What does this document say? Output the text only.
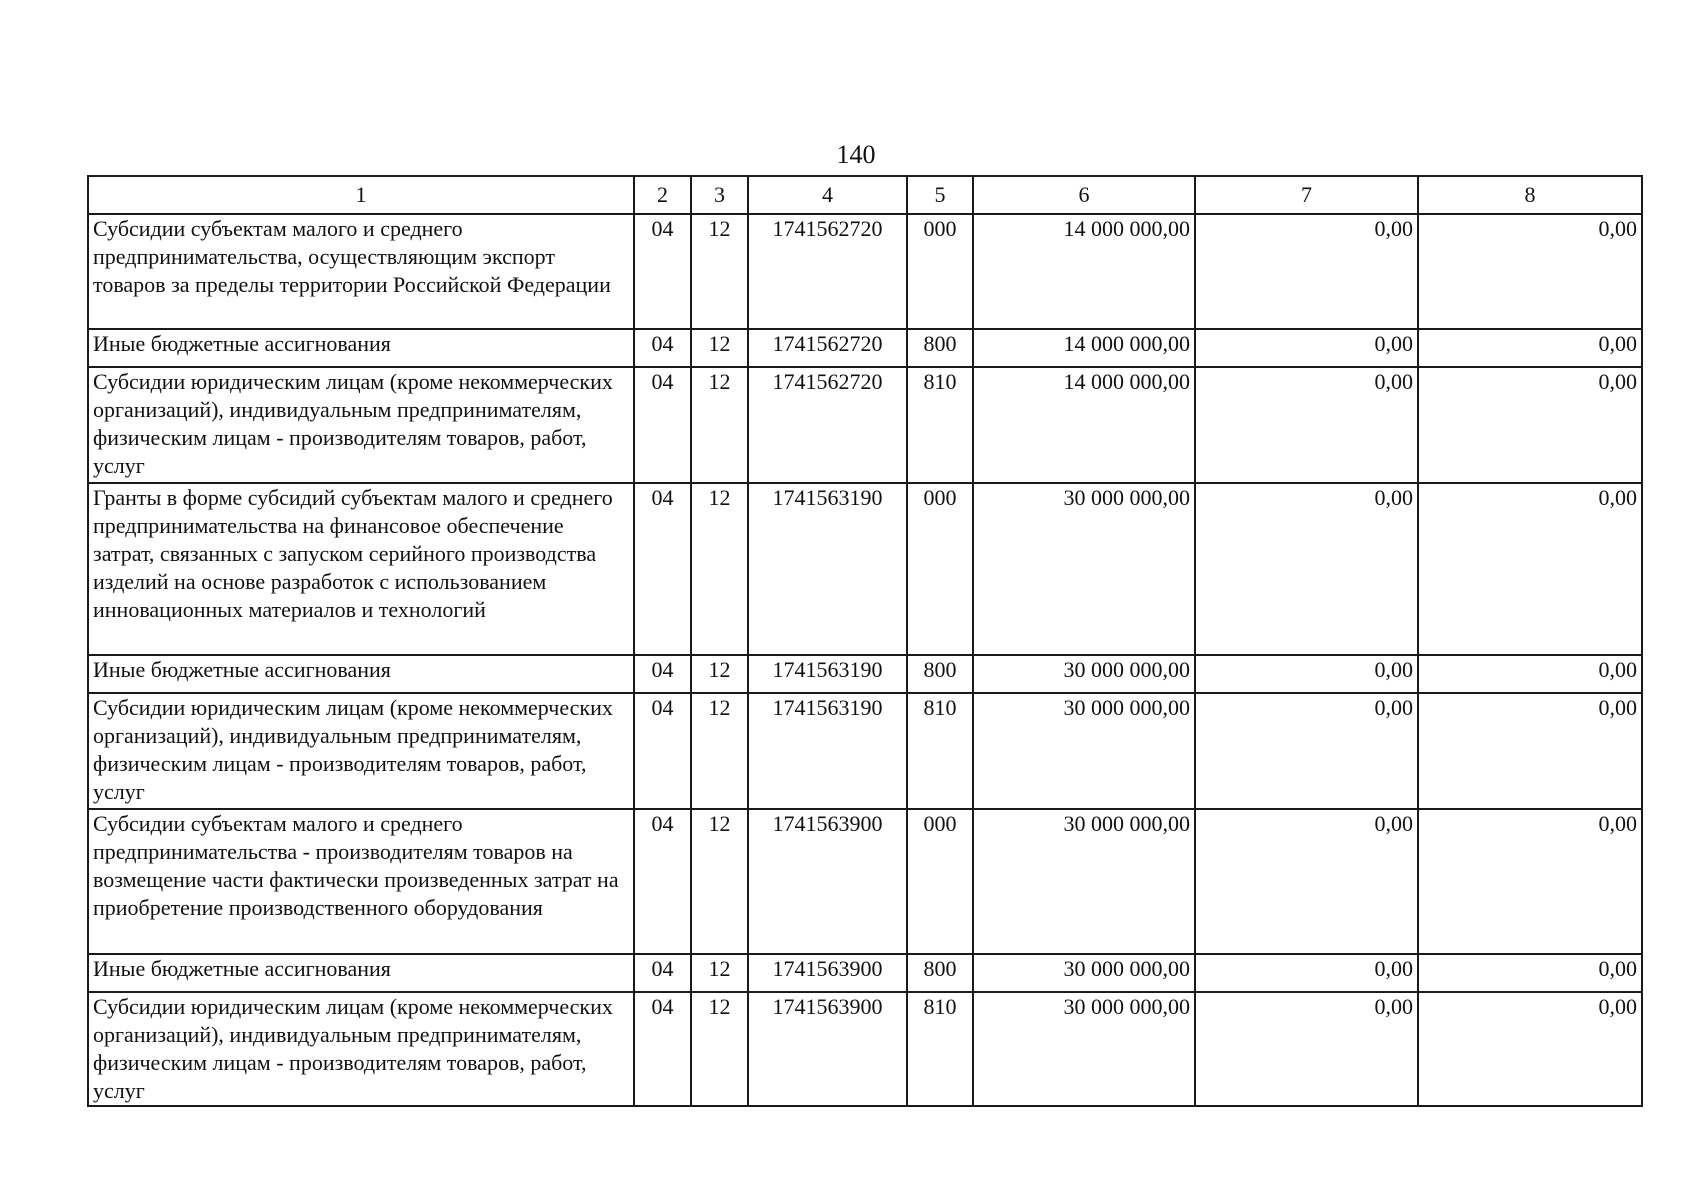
140
1	2	3	4	5	6	7	8
Субсидии субъектам малого и среднего предпринимательства, осуществляющим экспорт товаров за пределы территории Российской Федерации	04	12	1741562720	000	14 000 000,00	0,00	0,00
Иные бюджетные ассигнования	04	12	1741562720	800	14 000 000,00	0,00	0,00
Субсидии юридическим лицам (кроме некоммерческих организаций), индивидуальным предпринимателям, физическим лицам - производителям товаров, работ, услуг	04	12	1741562720	810	14 000 000,00	0,00	0,00
Гранты в форме субсидий субъектам малого и среднего предпринимательства на финансовое обеспечение затрат, связанных с запуском серийного производства изделий на основе разработок с использованием инновационных материалов и технологий	04	12	1741563190	000	30 000 000,00	0,00	0,00
Иные бюджетные ассигнования	04	12	1741563190	800	30 000 000,00	0,00	0,00
Субсидии юридическим лицам (кроме некоммерческих организаций), индивидуальным предпринимателям, физическим лицам - производителям товаров, работ, услуг	04	12	1741563190	810	30 000 000,00	0,00	0,00
Субсидии субъектам малого и среднего предпринимательства - производителям товаров на возмещение части фактически произведенных затрат на приобретение производственного оборудования	04	12	1741563900	000	30 000 000,00	0,00	0,00
Иные бюджетные ассигнования	04	12	1741563900	800	30 000 000,00	0,00	0,00
Субсидии юридическим лицам (кроме некоммерческих организаций), индивидуальным предпринимателям, физическим лицам - производителям товаров, работ, услуг	04	12	1741563900	810	30 000 000,00	0,00	0,00
